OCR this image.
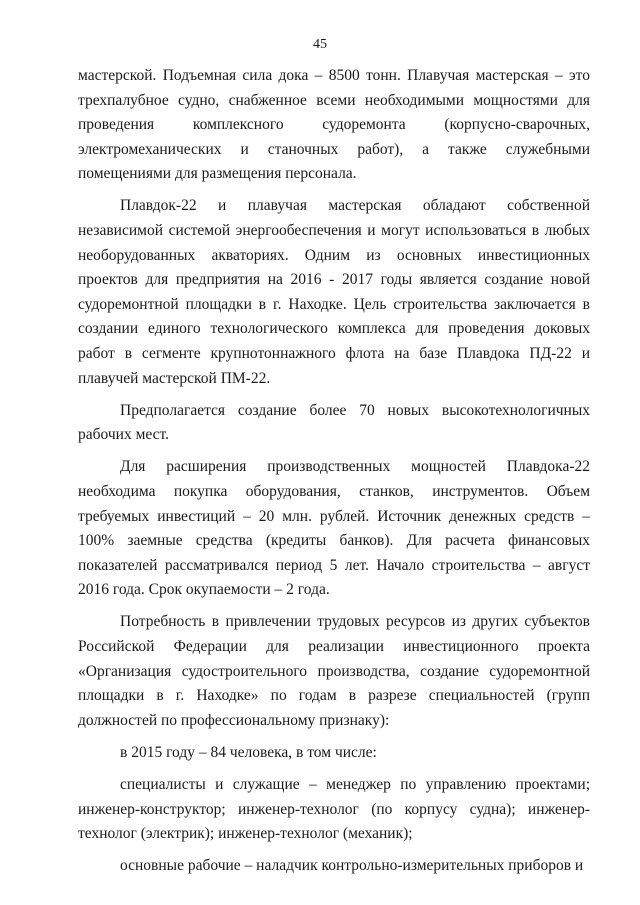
45

мастерской. Подъемная сила дока – 8500 тонн. Плавучая мастерская – это трехпалубное судно, снабженное всеми необходимыми мощностями для проведения комплексного судоремонта (корпусно-сварочных, электромеханических и станочных работ), а также служебными помещениями для размещения персонала.

Плавдок-22 и плавучая мастерская обладают собственной независимой системой энергообеспечения и могут использоваться в любых необорудованных акваториях. Одним из основных инвестиционных проектов для предприятия на 2016 - 2017 годы является создание новой судоремонтной площадки в г. Находке. Цель строительства заключается в создании единого технологического комплекса для проведения доковых работ в сегменте крупнотоннажного флота на базе Плавдока ПД-22 и плавучей мастерской ПМ-22.

Предполагается создание более 70 новых высокотехнологичных рабочих мест.

Для расширения производственных мощностей Плавдока-22 необходима покупка оборудования, станков, инструментов. Объем требуемых инвестиций – 20 млн. рублей. Источник денежных средств – 100% заемные средства (кредиты банков). Для расчета финансовых показателей рассматривался период 5 лет. Начало строительства – август 2016 года. Срок окупаемости – 2 года.

Потребность в привлечении трудовых ресурсов из других субъектов Российской Федерации для реализации инвестиционного проекта «Организация судостроительного производства, создание судоремонтной площадки в г. Находке» по годам в разрезе специальностей (групп должностей по профессиональному признаку):

в 2015 году – 84 человека, в том числе:

специалисты и служащие – менеджер по управлению проектами; инженер-конструктор; инженер-технолог (по корпусу судна); инженер-технолог (электрик); инженер-технолог (механик);

основные рабочие – наладчик контрольно-измерительных приборов и
